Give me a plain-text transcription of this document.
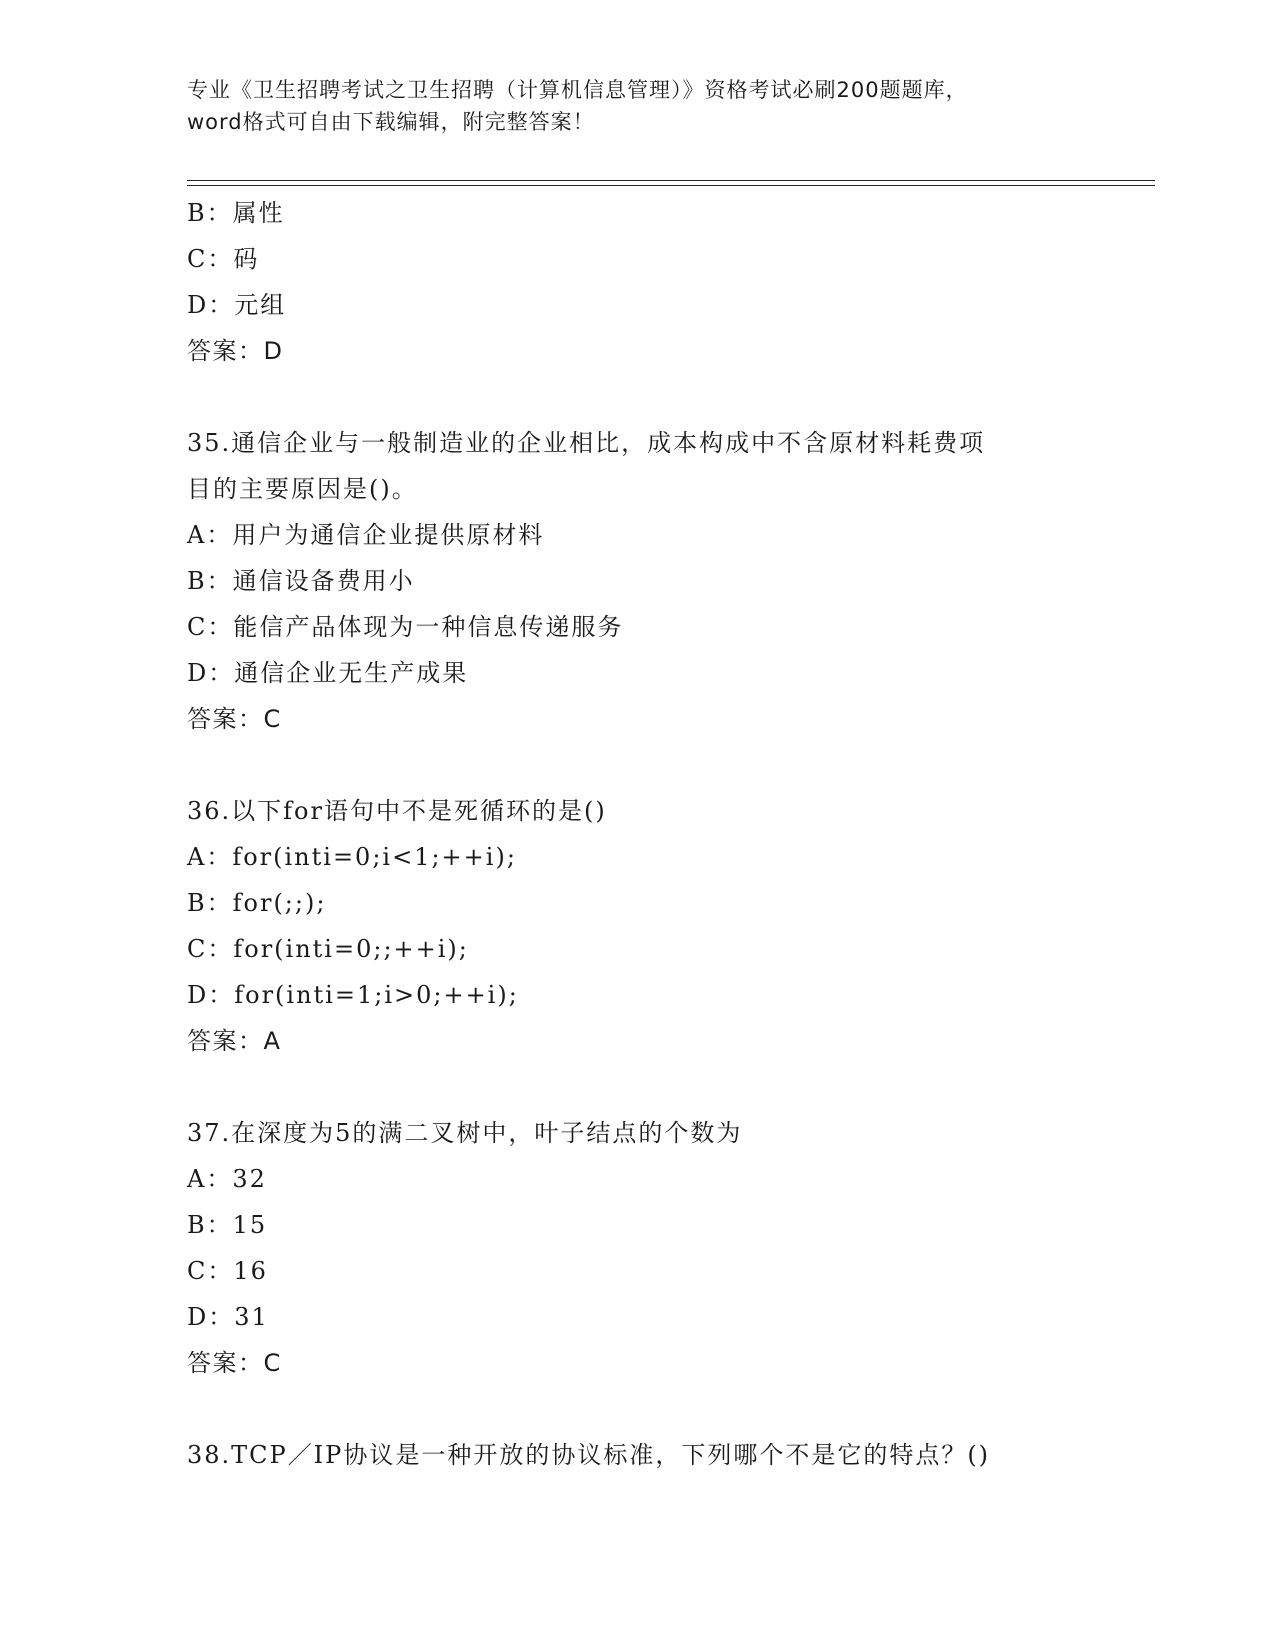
专业《卫生招聘考试之卫生招聘（计算机信息管理）》资格考试必刷200题题库，
word格式可自由下载编辑，附完整答案！
B：属性
C：码
D：元组
答案：D
35.通信企业与一般制造业的企业相比，成本构成中不含原材料耗费项
目的主要原因是()。
A：用户为通信企业提供原材料
B：通信设备费用小
C：能信产品体现为一种信息传递服务
D：通信企业无生产成果
答案：C
36.以下for语句中不是死循环的是()
A：for(inti=0;i<1;++i);
B：for(;;);
C：for(inti=0;;++i);
D：for(inti=1;i>0;++i);
答案：A
37.在深度为5的满二叉树中，叶子结点的个数为
A：32
B：15
C：16
D：31
答案：C
38.TCP／IP协议是一种开放的协议标准，下列哪个不是它的特点？()
